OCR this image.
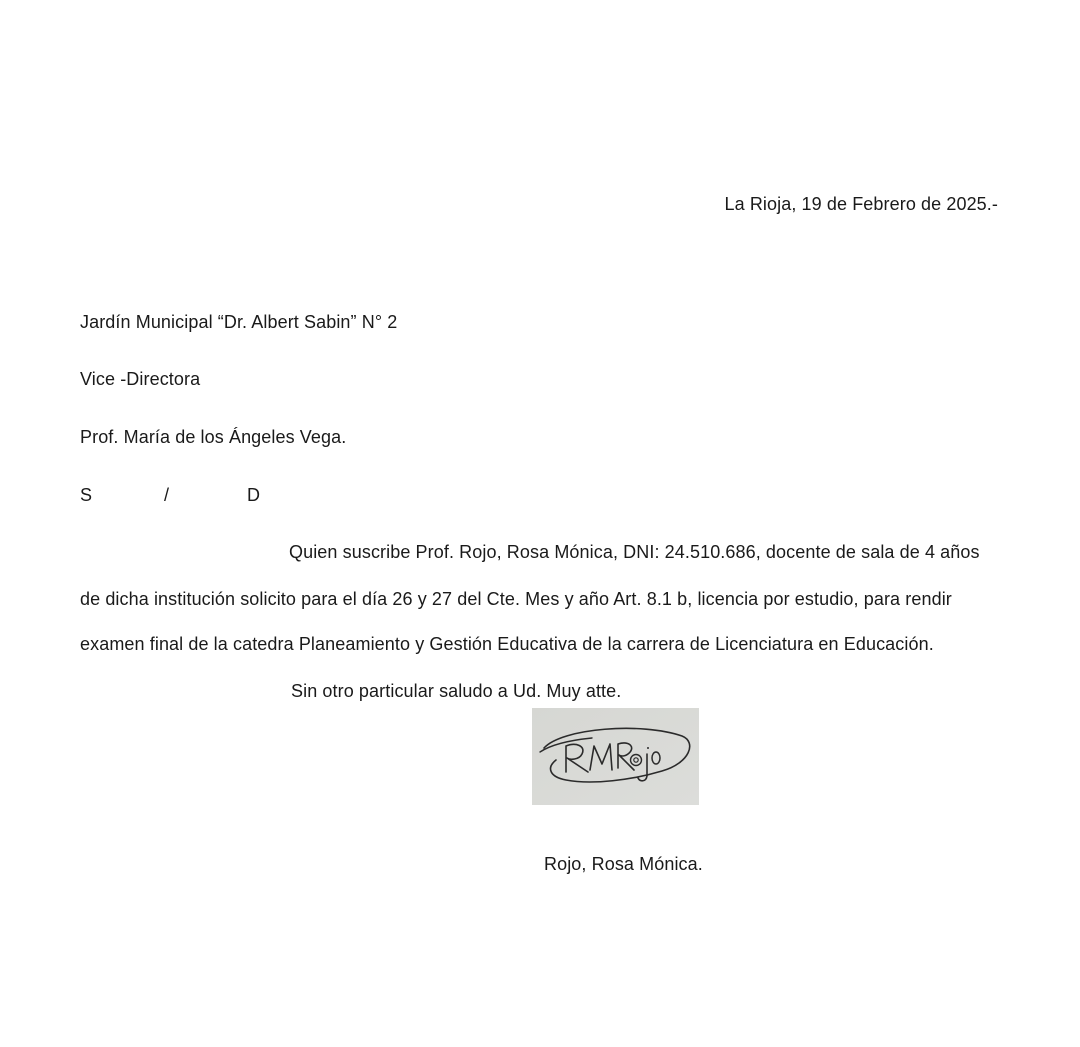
La Rioja, 19 de Febrero de 2025.-
Jardín Municipal “Dr. Albert Sabin” N° 2
Vice -Directora
Prof. María de los Ángeles Vega.
S	/	D
Quien suscribe Prof. Rojo, Rosa Mónica, DNI: 24.510.686, docente de sala de 4 años
de dicha institución solicito para el día 26 y 27 del Cte. Mes y año Art. 8.1 b, licencia por estudio, para rendir
examen final de la catedra Planeamiento y Gestión Educativa de la carrera de Licenciatura en Educación.
Sin otro particular saludo a Ud. Muy atte.
Rojo, Rosa Mónica.
